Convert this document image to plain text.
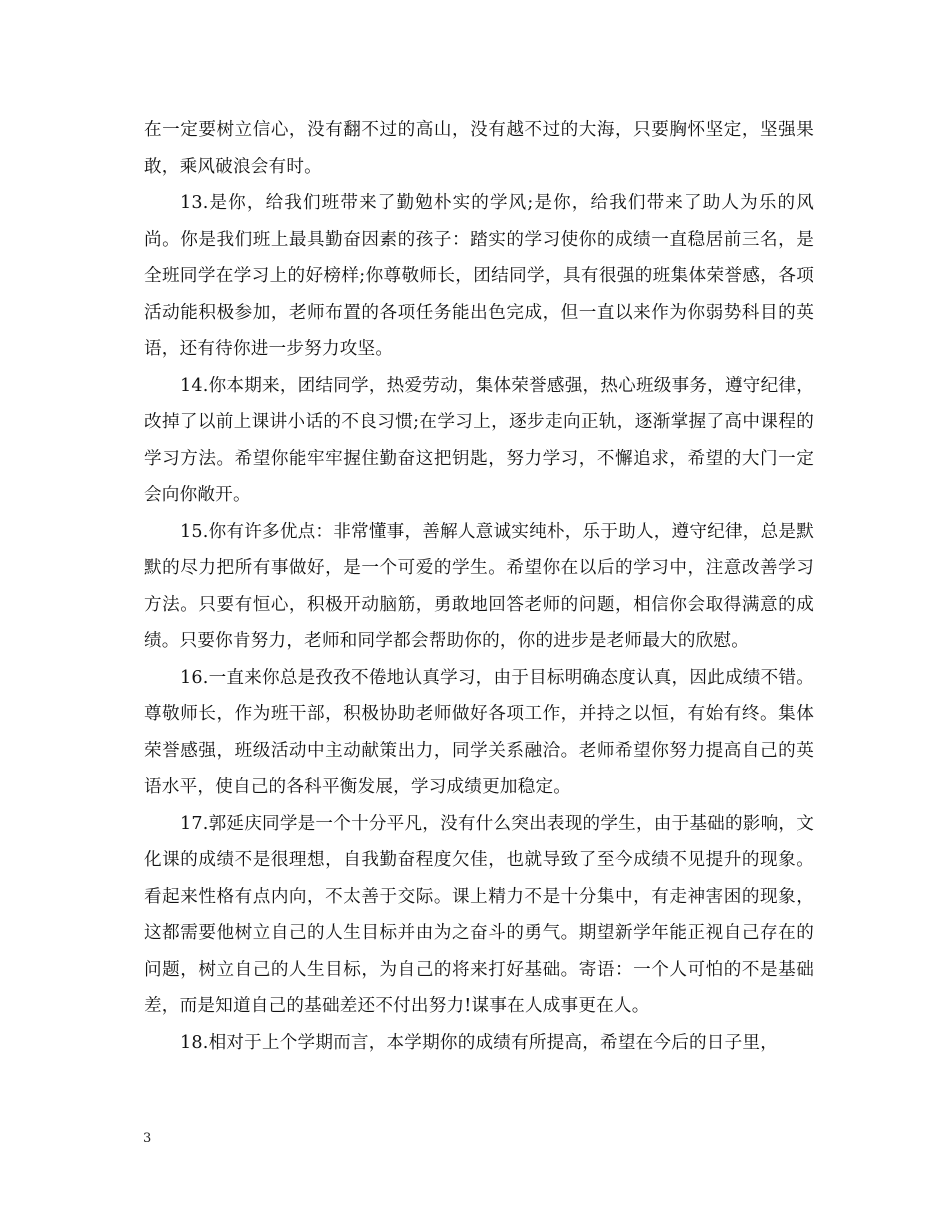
在一定要树立信心，没有翻不过的高山，没有越不过的大海，只要胸怀坚定，坚强果敢，乘风破浪会有时。

13.是你，给我们班带来了勤勉朴实的学风;是你，给我们带来了助人为乐的风尚。你是我们班上最具勤奋因素的孩子：踏实的学习使你的成绩一直稳居前三名，是全班同学在学习上的好榜样;你尊敬师长，团结同学，具有很强的班集体荣誉感，各项活动能积极参加，老师布置的各项任务能出色完成，但一直以来作为你弱势科目的英语，还有待你进一步努力攻坚。

14.你本期来，团结同学，热爱劳动，集体荣誉感强，热心班级事务，遵守纪律，改掉了以前上课讲小话的不良习惯;在学习上，逐步走向正轨，逐渐掌握了高中课程的学习方法。希望你能牢牢握住勤奋这把钥匙，努力学习，不懈追求，希望的大门一定会向你敞开。

15.你有许多优点：非常懂事，善解人意诚实纯朴，乐于助人，遵守纪律，总是默默的尽力把所有事做好，是一个可爱的学生。希望你在以后的学习中，注意改善学习方法。只要有恒心，积极开动脑筋，勇敢地回答老师的问题，相信你会取得满意的成绩。只要你肯努力，老师和同学都会帮助你的，你的进步是老师最大的欣慰。

16.一直来你总是孜孜不倦地认真学习，由于目标明确态度认真，因此成绩不错。尊敬师长，作为班干部，积极协助老师做好各项工作，并持之以恒，有始有终。集体荣誉感强，班级活动中主动献策出力，同学关系融洽。老师希望你努力提高自己的英语水平，使自己的各科平衡发展，学习成绩更加稳定。

17.郭延庆同学是一个十分平凡，没有什么突出表现的学生，由于基础的影响，文化课的成绩不是很理想，自我勤奋程度欠佳，也就导致了至今成绩不见提升的现象。看起来性格有点内向，不太善于交际。课上精力不是十分集中，有走神害困的现象，这都需要他树立自己的人生目标并由为之奋斗的勇气。期望新学年能正视自己存在的问题，树立自己的人生目标，为自己的将来打好基础。寄语：一个人可怕的不是基础差，而是知道自己的基础差还不付出努力!谋事在人成事更在人。

18.相对于上个学期而言，本学期你的成绩有所提高，希望在今后的日子里，

3
